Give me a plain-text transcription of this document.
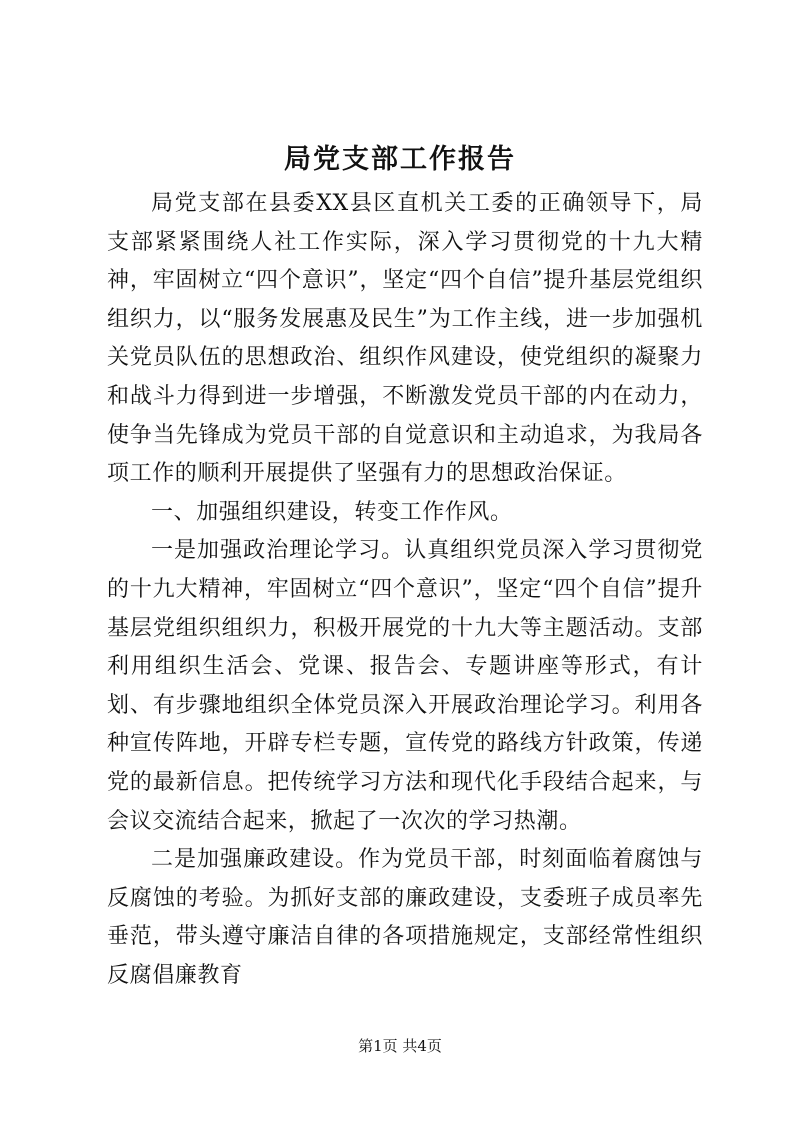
局党支部工作报告

局党支部在县委XX县区直机关工委的正确领导下，局支部紧紧围绕人社工作实际，深入学习贯彻党的十九大精神，牢固树立“四个意识”，坚定“四个自信”提升基层党组织组织力，以“服务发展惠及民生”为工作主线，进一步加强机关党员队伍的思想政治、组织作风建设，使党组织的凝聚力和战斗力得到进一步增强，不断激发党员干部的内在动力，使争当先锋成为党员干部的自觉意识和主动追求，为我局各项工作的顺利开展提供了坚强有力的思想政治保证。

一、加强组织建设，转变工作作风。

一是加强政治理论学习。认真组织党员深入学习贯彻党的十九大精神，牢固树立“四个意识”，坚定“四个自信”提升基层党组织组织力，积极开展党的十九大等主题活动。支部利用组织生活会、党课、报告会、专题讲座等形式，有计划、有步骤地组织全体党员深入开展政治理论学习。利用各种宣传阵地，开辟专栏专题，宣传党的路线方针政策，传递党的最新信息。把传统学习方法和现代化手段结合起来，与会议交流结合起来，掀起了一次次的学习热潮。

二是加强廉政建设。作为党员干部，时刻面临着腐蚀与反腐蚀的考验。为抓好支部的廉政建设，支委班子成员率先垂范，带头遵守廉洁自律的各项措施规定，支部经常性组织反腐倡廉教育

第1页 共4页
